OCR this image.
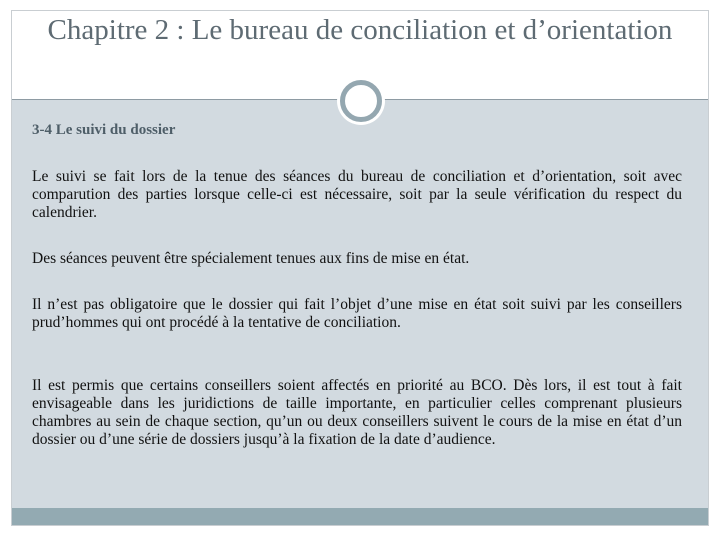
Chapitre 2 : Le bureau de conciliation et d’orientation
3-4 Le suivi du dossier

Le suivi se fait lors de la tenue des séances du bureau de conciliation et d’orientation, soit avec comparution des parties lorsque celle-ci est nécessaire, soit par la seule vérification du respect du calendrier.

Des séances peuvent être spécialement tenues aux fins de mise en état.

Il n’est pas obligatoire que le dossier qui fait l’objet d’une mise en état soit suivi par les conseillers prud’hommes qui ont procédé à la tentative de conciliation.

Il est permis que certains conseillers soient affectés en priorité au BCO. Dès lors, il est tout à fait envisageable dans les juridictions de taille importante, en particulier celles comprenant plusieurs chambres au sein de chaque section, qu’un ou deux conseillers suivent le cours de la mise en état d’un dossier ou d’une série de dossiers jusqu’à la fixation de la date d’audience.
